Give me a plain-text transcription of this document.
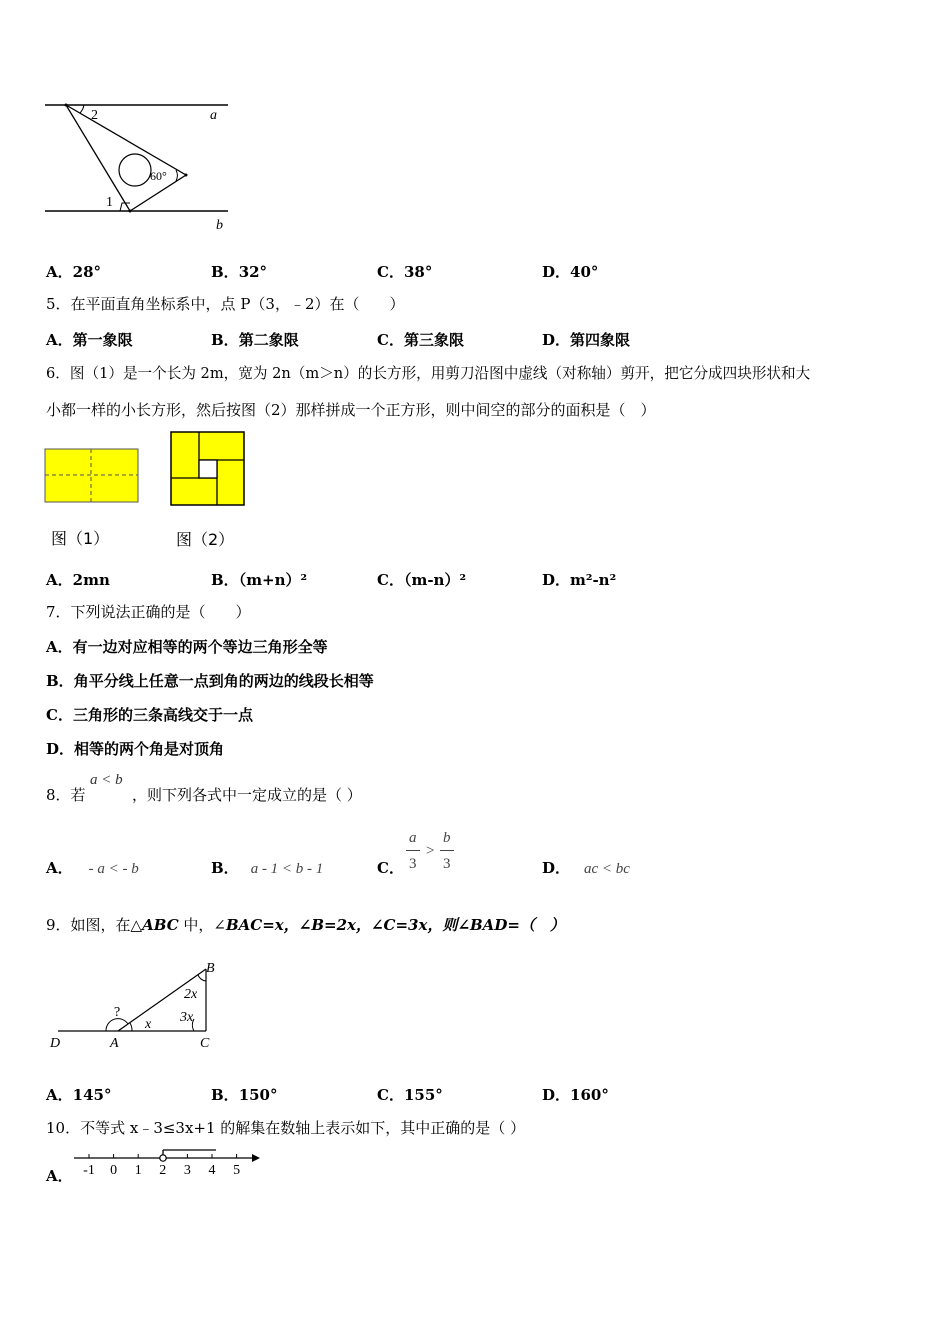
2	a
60°
1
b
A．28°	B．32°	C．38°	D．40°
5．在平面直角坐标系中，点 P（3，﹣2）在（　　）
A．第一象限	B．第二象限	C．第三象限	D．第四象限
6．图（1）是一个长为 2m，宽为 2n（m＞n）的长方形，用剪刀沿图中虚线（对称轴）剪开，把它分成四块形状和大
小都一样的小长方形，然后按图（2）那样拼成一个正方形，则中间空的部分的面积是（　）
图（1）	图（2）
A．2mn	B．（m+n）²	C．（m-n）²	D．m²-n²
7．下列说法正确的是（　　）
A．有一边对应相等的两个等边三角形全等
B．角平分线上任意一点到角的两边的线段长相等
C．三角形的三条高线交于一点
D．相等的两个角是对顶角
8．若
a < b
，则下列各式中一定成立的是（ ）
A． - a < - b	B． a - 1 < b - 1	C．
a
3
>
b
3	D． ac < bc
9．如图，在△ABC 中，∠BAC=x，∠B=2x，∠C=3x，则∠BAD=（　）
D	A	C
B
?
x
2x
3x
A．145°	B．150°	C．155°	D．160°
10．不等式 x﹣3≤3x+1 的解集在数轴上表示如下，其中正确的是（ ）
A． -1 0 1 2 3 4 5
